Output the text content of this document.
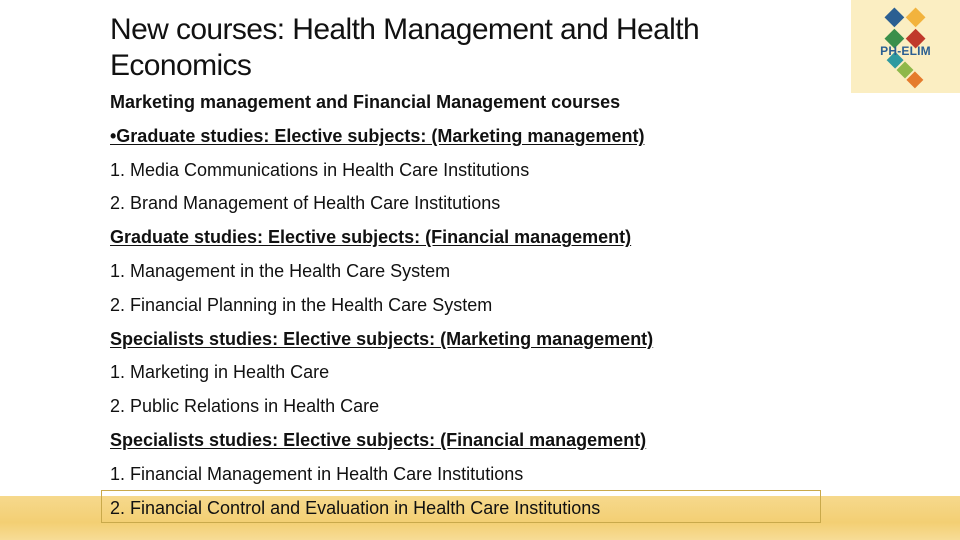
New courses: Health Management and Health Economics	PH-ELIM
Marketing management and Financial Management courses
•Graduate studies: Elective subjects: (Marketing management)
1. Media Communications in Health Care Institutions
2. Brand Management of Health Care Institutions
Graduate studies: Elective subjects: (Financial management)
1. Management in the Health Care System
2. Financial Planning in the Health Care System
Specialists studies: Elective subjects: (Marketing management)
1. Marketing in Health Care
2. Public Relations in Health Care
Specialists studies: Elective subjects: (Financial management)
1. Financial Management in Health Care Institutions
2. Financial Control and Evaluation in Health Care Institutions
